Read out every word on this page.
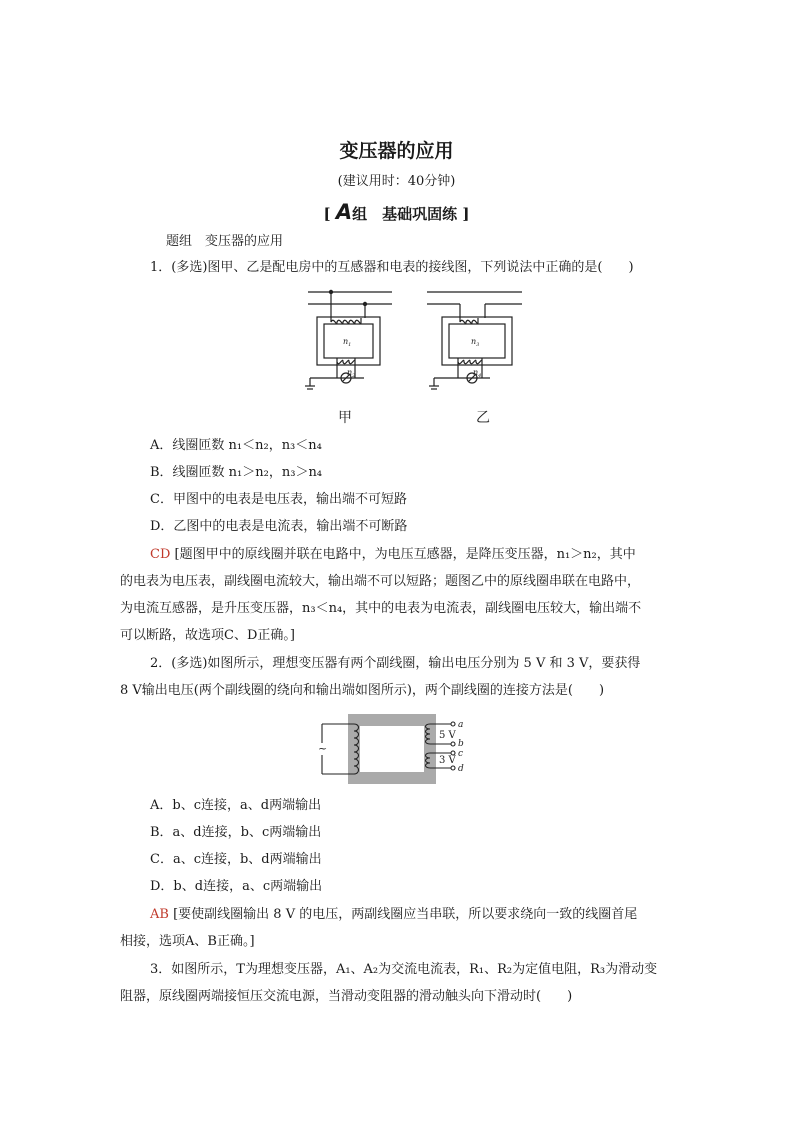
变压器的应用
(建议用时：40分钟)
[ A组　基础巩固练 ]
题组　变压器的应用
1．(多选)图甲、乙是配电房中的互感器和电表的接线图，下列说法中正确的是(　　)
$n_1$
$n_2$
$n_3$
$n_4$
甲	乙
A．线圈匝数 n₁＜n₂，n₃＜n₄
B．线圈匝数 n₁＞n₂，n₃＞n₄
C．甲图中的电表是电压表，输出端不可短路
D．乙图中的电表是电流表，输出端不可断路
CD [题图甲中的原线圈并联在电路中，为电压互感器，是降压变压器，n₁＞n₂，其中
的电表为电压表，副线圈电流较大，输出端不可以短路；题图乙中的原线圈串联在电路中，
为电流互感器，是升压变压器，n₃＜n₄，其中的电表为电流表，副线圈电压较大，输出端不
可以断路，故选项C、D正确。]
2．(多选)如图所示，理想变压器有两个副线圈，输出电压分别为 5 V 和 3 V，要获得
8 V输出电压(两个副线圈的绕向和输出端如图所示)，两个副线圈的连接方法是(　　)
~
5 V
3 V
a
b
c
d
A．b、c连接，a、d两端输出
B．a、d连接，b、c两端输出
C．a、c连接，b、d两端输出
D．b、d连接，a、c两端输出
AB [要使副线圈输出 8 V 的电压，两副线圈应当串联，所以要求绕向一致的线圈首尾
相接，选项A、B正确。]
3．如图所示，T为理想变压器，A₁、A₂为交流电流表，R₁、R₂为定值电阻，R₃为滑动变
阻器，原线圈两端接恒压交流电源，当滑动变阻器的滑动触头向下滑动时(　　)
